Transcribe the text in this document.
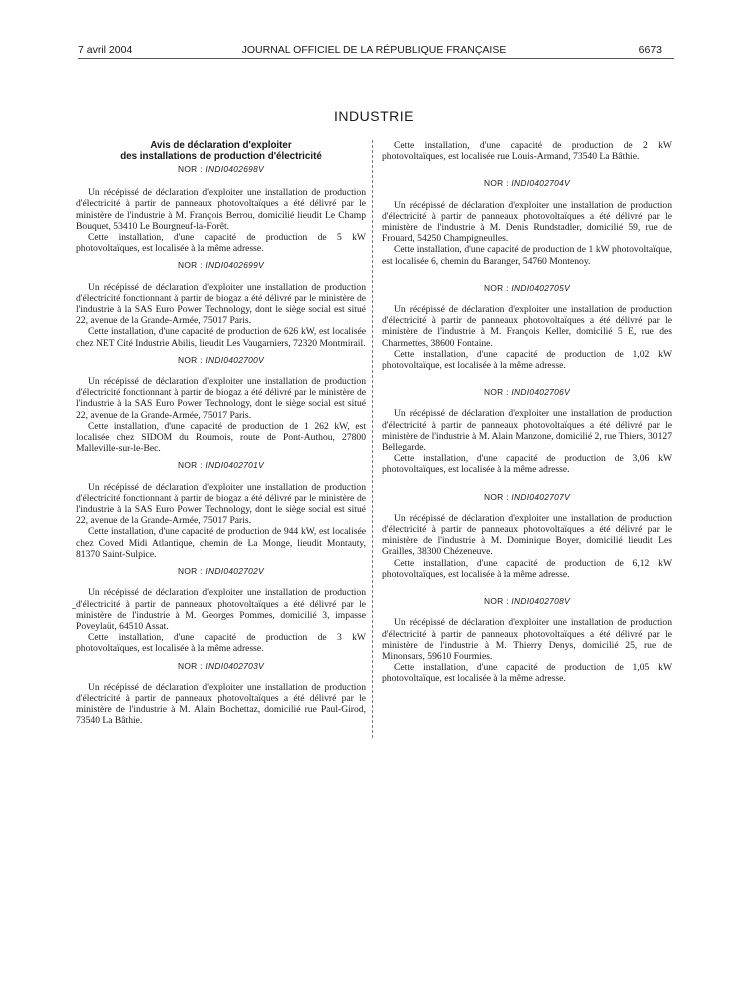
7 avril 2004	JOURNAL OFFICIEL DE LA RÉPUBLIQUE FRANÇAISE	6673
INDUSTRIE

Avis de déclaration d'exploiter

des installations de production d'électricité

NOR : INDI0402698V

Un récépissé de déclaration d'exploiter une installation de production d'électricité à partir de panneaux photovoltaïques a été délivré par le ministère de l'industrie à M. François Berrou, domicilié lieudit Le Champ Bouquet, 53410 Le Bourgneuf-la-Forêt.

Cette installation, d'une capacité de production de 5 kW photovoltaïques, est localisée à la même adresse.

NOR : INDI0402699V

Un récépissé de déclaration d'exploiter une installation de production d'électricité fonctionnant à partir de biogaz a été délivré par le ministère de l'industrie à la SAS Euro Power Technology, dont le siège social est situé 22, avenue de la Grande-Armée, 75017 Paris.

Cette installation, d'une capacité de production de 626 kW, est localisée chez NET Cité Industrie Abilis, lieudit Les Vaugarniers, 72320 Montmirail.

NOR : INDI0402700V

Un récépissé de déclaration d'exploiter une installation de production d'électricité fonctionnant à partir de biogaz a été délivré par le ministère de l'industrie à la SAS Euro Power Technology, dont le siège social est situé 22, avenue de la Grande-Armée, 75017 Paris.

Cette installation, d'une capacité de production de 1 262 kW, est localisée chez SIDOM du Roumois, route de Pont-Authou, 27800 Malleville-sur-le-Bec.

NOR : INDI0402701V

Un récépissé de déclaration d'exploiter une installation de production d'électricité fonctionnant à partir de biogaz a été délivré par le ministère de l'industrie à la SAS Euro Power Technology, dont le siège social est situé 22, avenue de la Grande-Armée, 75017 Paris.

Cette installation, d'une capacité de production de 944 kW, est localisée chez Coved Midi Atlantique, chemin de La Monge, lieudit Montauty, 81370 Saint-Sulpice.

NOR : INDI0402702V

Un récépissé de déclaration d'exploiter une installation de production d'électricité à partir de panneaux photovoltaïques a été délivré par le ministère de l'industrie à M. Georges Pommes, domicilié 3, impasse Poveylaüt, 64510 Assat.

Cette installation, d'une capacité de production de 3 kW photovoltaïques, est localisée à la même adresse.

NOR : INDI0402703V

Un récépissé de déclaration d'exploiter une installation de production d'électricité à partir de panneaux photovoltaïques a été délivré par le ministère de l'industrie à M. Alain Bochettaz, domicilié rue Paul-Girod, 73540 La Bâthie.

Cette installation, d'une capacité de production de 2 kW photovoltaïques, est localisée rue Louis-Armand, 73540 La Bâthie.

NOR : INDI0402704V

Un récépissé de déclaration d'exploiter une installation de production d'électricité à partir de panneaux photovoltaïques a été délivré par le ministère de l'industrie à M. Denis Rundstadler, domicilié 59, rue de Frouard, 54250 Champigneulles.

Cette installation, d'une capacité de production de 1 kW photovoltaïque, est localisée 6, chemin du Baranger, 54760 Montenoy.

NOR : INDI0402705V

Un récépissé de déclaration d'exploiter une installation de production d'électricité à partir de panneaux photovoltaïques a été délivré par le ministère de l'industrie à M. François Keller, domicilié 5 E, rue des Charmettes, 38600 Fontaine.

Cette installation, d'une capacité de production de 1,02 kW photovoltaïque, est localisée à la même adresse.

NOR : INDI0402706V

Un récépissé de déclaration d'exploiter une installation de production d'électricité à partir de panneaux photovoltaïques a été délivré par le ministère de l'industrie à M. Alain Manzone, domicilié 2, rue Thiers, 30127 Bellegarde.

Cette installation, d'une capacité de production de 3,06 kW photovoltaïques, est localisée à la même adresse.

NOR : INDI0402707V

Un récépissé de déclaration d'exploiter une installation de production d'électricité à partir de panneaux photovoltaïques a été délivré par le ministère de l'industrie à M. Dominique Boyer, domicilié lieudit Les Grailles, 38300 Chézeneuve.

Cette installation, d'une capacité de production de 6,12 kW photovoltaïques, est localisée à la même adresse.

NOR : INDI0402708V

Un récépissé de déclaration d'exploiter une installation de production d'électricité à partir de panneaux photovoltaïques a été délivré par le ministère de l'industrie à M. Thierry Denys, domicilié 25, rue de Minonsars, 59610 Fourmies.

Cette installation, d'une capacité de production de 1,05 kW photovoltaïque, est localisée à la même adresse.
